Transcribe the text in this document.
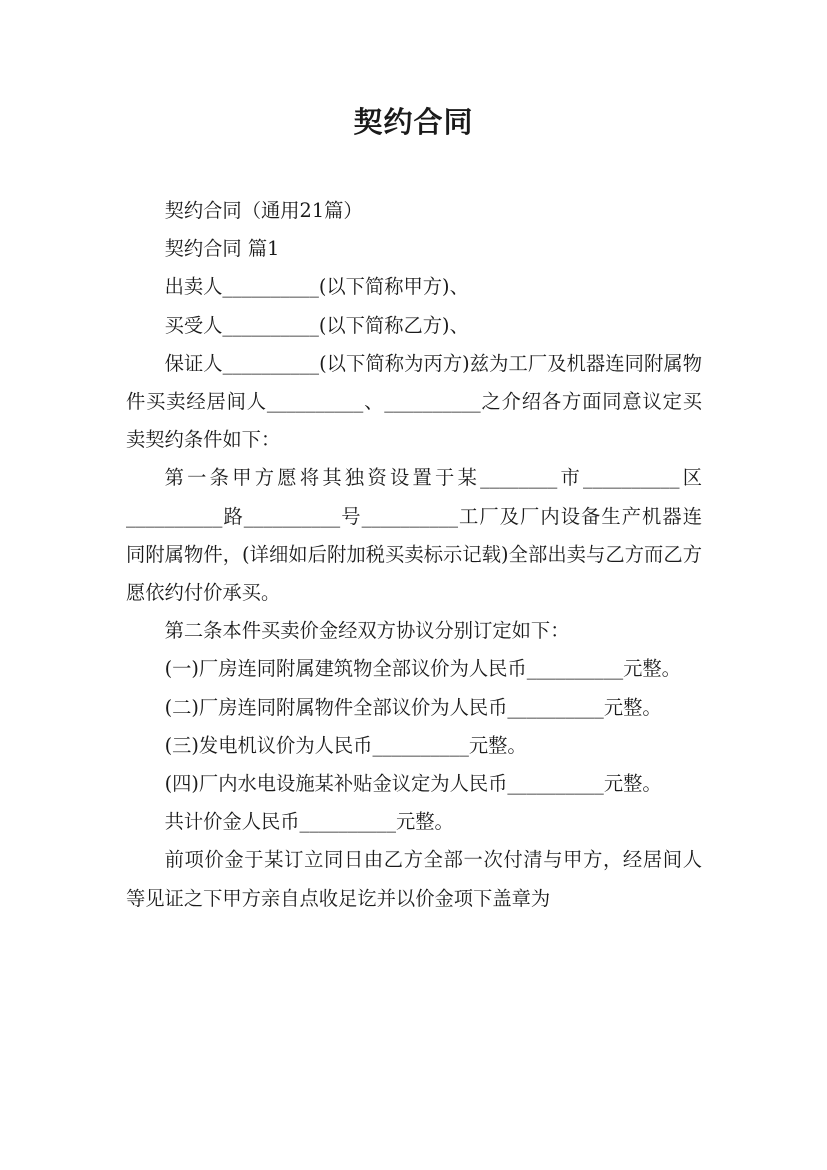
契约合同

契约合同（通用21篇）

契约合同 篇1

出卖人__________(以下简称甲方)、

买受人__________(以下简称乙方)、

保证人__________(以下简称为丙方)兹为工厂及机器连同附属物件买卖经居间人__________、__________之介绍各方面同意议定买卖契约条件如下：

第一条甲方愿将其独资设置于某________市__________区__________路__________号__________工厂及厂内设备生产机器连同附属物件，(详细如后附加税买卖标示记载)全部出卖与乙方而乙方愿依约付价承买。

第二条本件买卖价金经双方协议分别订定如下：

(一)厂房连同附属建筑物全部议价为人民币__________元整。

(二)厂房连同附属物件全部议价为人民币__________元整。

(三)发电机议价为人民币__________元整。

(四)厂内水电设施某补贴金议定为人民币__________元整。

共计价金人民币__________元整。

前项价金于某订立同日由乙方全部一次付清与甲方，经居间人等见证之下甲方亲自点收足讫并以价金项下盖章为
